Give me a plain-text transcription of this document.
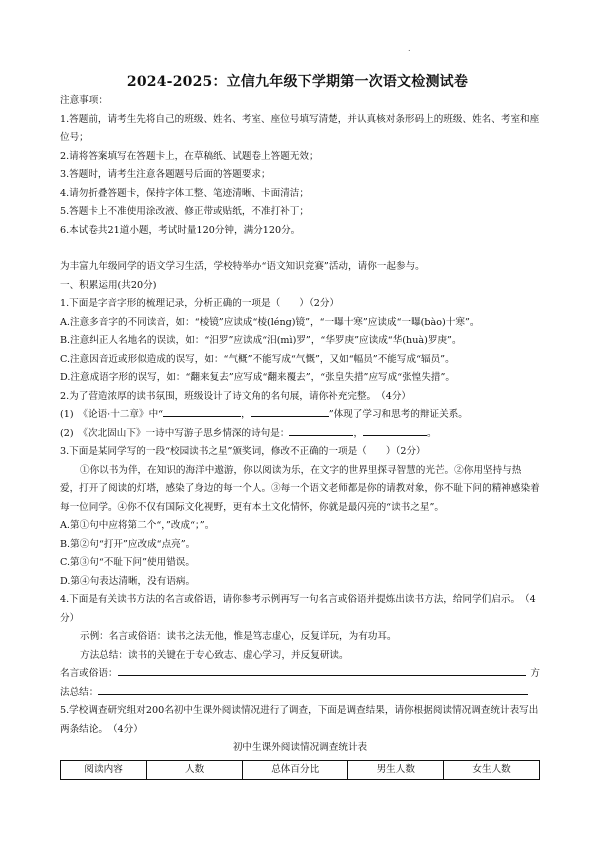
.
2024-2025：立信九年级下学期第一次语文检测试卷

注意事项：

1.答题前，请考生先将自己的班级、姓名、考室、座位号填写清楚，并认真核对条形码上的班级、姓名、考室和座位号；

2.请将答案填写在答题卡上，在草稿纸、试题卷上答题无效；

3.答题时，请考生注意各题题号后面的答题要求；

4.请勿折叠答题卡，保持字体工整、笔迹清晰、卡面清洁；

5.答题卡上不准使用涂改液、修正带或贴纸，不准打补丁；

6.本试卷共21道小题，考试时量120分钟，满分120分。

为丰富九年级同学的语文学习生活，学校特举办“语文知识竞赛”活动，请你一起参与。

一、积累运用(共20分)

1.下面是字音字形的梳理记录，分析正确的一项是（　　）（2分）

A.注意多音字的不同读音，如：“棱镜”应读成“棱(léng)镜”，“一曝十寒”应读成“一曝(bào)十寒”。

B.注意纠正人名地名的误读，如：“汨罗”应读成“汨(mì)罗”，“华罗庚”应读成“华(huà)罗庚”。

C.注意因音近或形似造成的误写，如：“气概”不能写成“气慨”，又如“幅员”不能写成“辐员”。

D.注意成语字形的误写，如：“翻来复去”应写成“翻来覆去”，“张皇失措”应写成“张惶失措”。

2.为了营造浓厚的读书氛围，班级设计了诗文角的名句展，请你补充完整。　（4分）

(1)　《论语·十二章》中“	，	”体现了学习和思考的辩证关系。

(2)　《次北固山下》一诗中写游子思乡情深的诗句是：	，	。

3.下面是某同学写的一段“校园读书之星”颁奖词，修改不正确的一项是（　　）（2分）

①你以书为伴，在知识的海洋中遨游，你以阅读为乐，在文字的世界里探寻智慧的光芒。②你用坚持与热爱，打开了阅读的灯塔，感染了身边的每一个人。③每一个语文老师都是你的请教对象，你不耻下问的精神感染着每一位同学。④你不仅有国际文化视野，更有本土文化情怀，你就是最闪亮的“读书之星”。

A.第①句中应将第二个“，”改成“；”。

B.第②句“打开”应改成“点亮”。

C.第③句“不耻下问”使用错误。

D.第④句表达清晰，没有语病。

4.下面是有关读书方法的名言或俗语，请你参考示例再写一句名言或俗语并提炼出读书方法，给同学们启示。　（4分）

示例：名言或俗语：读书之法无他，惟是笃志虚心，反复详玩，为有功耳。

方法总结：读书的关键在于专心致志、虚心学习，并反复研读。

名言或俗语：	方

法总结：

5.学校调查研究组对200名初中生课外阅读情况进行了调查，下面是调查结果，请你根据阅读情况调查统计表写出两条结论。　（4分）

初中生课外阅读情况调查统计表

阅读内容	人数	总体百分比	男生人数	女生人数
